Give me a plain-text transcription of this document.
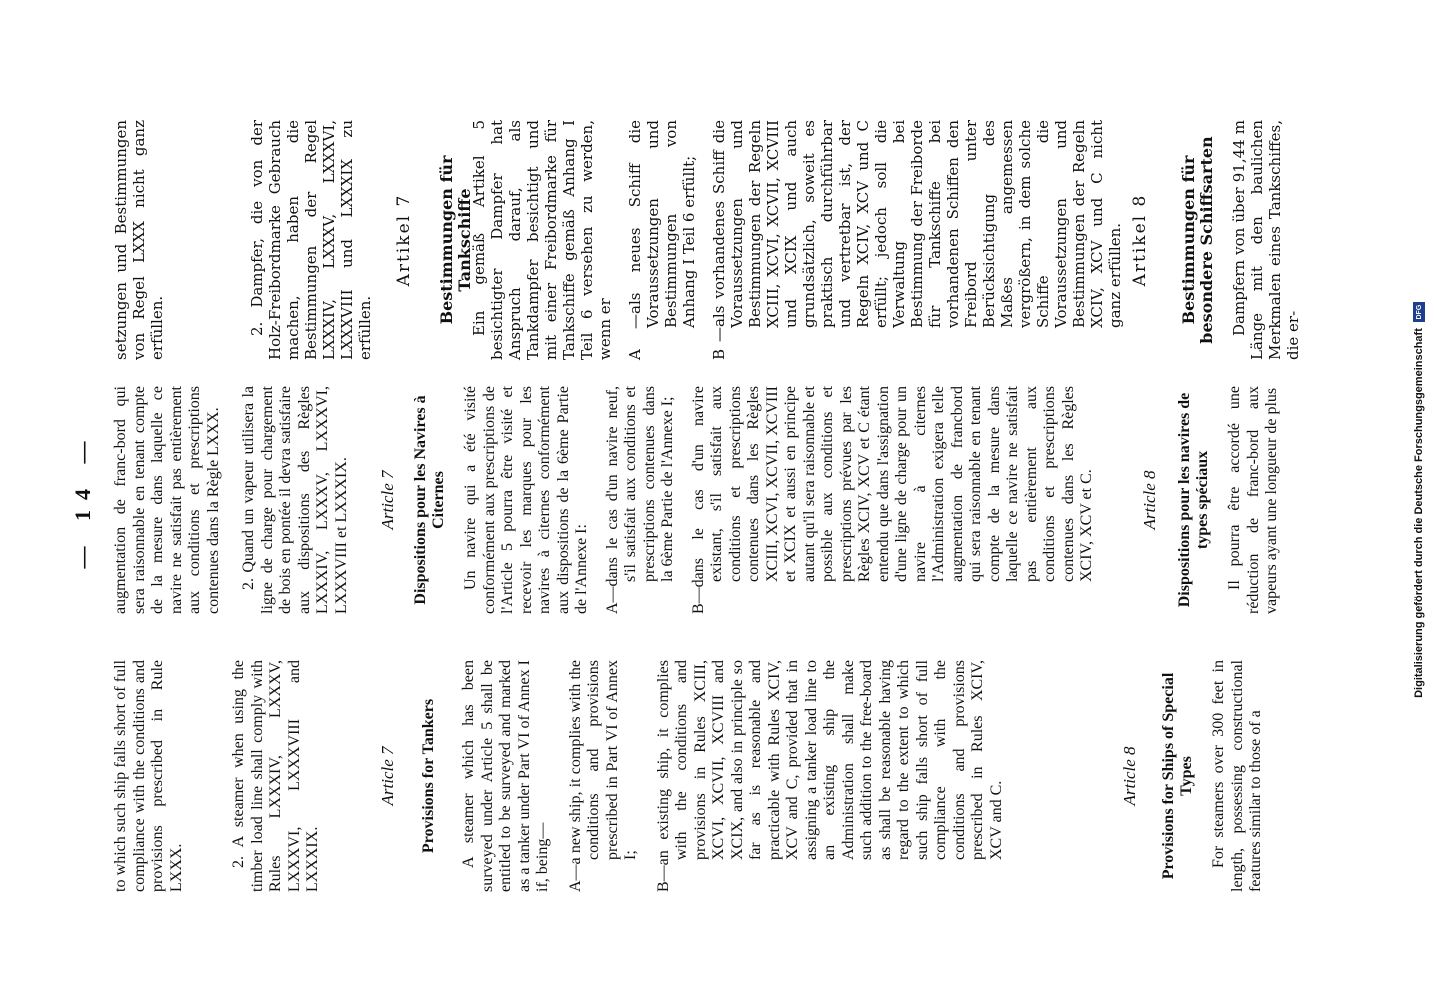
— 14 —

to which such ship falls short of full compliance with the conditions and provisions prescribed in Rule LXXX.	2. A steamer when using the timber load line shall comply with Rules LXXXIV, LXXXV, LXXXVI, LXXXVIII and LXXXIX.

Article 7 Provisions for Tankers A steamer which has been surveyed under Article 5 shall be entitled to be surveyed and marked as a tanker under Part VI of Annex I if, being— A—a new ship, it complies with the conditions and provisions prescribed in Part VI of Annex I;

B—an existing ship, it complies with the conditions and provisions in Rules XCIII, XCVI, XCVII, XCVIII and XCIX, and also in principle so far as is reasonable and practicable with Rules XCIV, XCV and C, provided that in assigning a tanker load line to an existing ship the Administration shall make such addition to the free-board as shall be reasonable having regard to the extent to which such ship falls short of full compliance with the conditions and provisions prescribed in Rules XCIV, XCV and C.

Article 8 Provisions for Ships of Special Types For steamers over 300 feet in length, possessing constructional features similar to those of a

augmentation de franc-bord qui sera raisonnable en tenant compte de la mesure dans laquelle ce navire ne satisfait pas entièrement aux conditions et prescriptions contenues dans la Règle LXXX. 2. Quand un vapeur utilisera la ligne de charge pour chargement de bois en pontée il devra satisfaire aux dispositions des Règles LXXXIV, LXXXV, LXXXVI, LXXXVIII et LXXXIX. Article 7 Dispositions pour les Navires à Citernes Un navire qui a été visité conformément aux prescriptions de l'Article 5 pourra être visité et recevoir les marques pour les navires à citernes conformément aux dispositions de la 6ème Partie de l'Annexe I: A—dans le cas d'un navire neuf, s'il satisfait aux conditions et prescriptions contenues dans la 6ème Partie de l'Annexe I;

B—dans le cas d'un navire existant, s'il satisfait aux conditions et prescriptions contenues dans les Règles XCIII, XCVI, XCVII, XCVIII et XCIX et aussi en principe autant qu'il sera raisonnable et possible aux conditions et prescriptions prévues par les Règles XCIV, XCV et C étant entendu que dans l'assignation d'une ligne de charge pour un navire à citernes l'Administration exigera telle augmentation de francbord qui sera raisonnable en tenant compte de la mesure dans laquelle ce navire ne satisfait pas entièrement aux conditions et prescriptions contenues dans les Règles XCIV, XCV et C.	Article 8 Dispositions pour les navires de types spéciaux Il pourra être accordé une réduction de franc-bord aux vapeurs ayant une longueur de plus

setzungen und Bestimmungen von Regel LXXX nicht ganz erfüllen.	2. Dampfer, die von der Holz-Freibordmarke Gebrauch machen, haben die Bestimmungen der Regel LXXXIV, LXXXV, LXXXVI, LXXXVIII und LXXXIX zu erfüllen.

Artikel 7 Bestimmungen für Tankschiffe

Ein gemäß Artikel 5 besichtigter Dampfer hat Anspruch darauf, als Tankdampfer besichtigt und mit einer Freibordmarke für Tankschiffe gemäß Anhang I Teil 6 versehen zu werden, wenn er A —als neues Schiff die Voraussetzungen und Bestimmungen von Anhang I Teil 6 erfüllt;

B —als vorhandenes Schiff die Voraussetzungen und Bestimmungen der Regeln XCIII, XCVI, XCVII, XCVIII und XCIX und auch grundsätzlich, soweit es praktisch durchführbar und vertretbar ist, der Regeln XCIV, XCV und C erfüllt; jedoch soll die Verwaltung bei Bestimmung der Freiborde für Tankschiffe bei vorhandenen Schiffen den Freibord unter Berücksichtigung des Maßes angemessen vergrößern, in dem solche Schiffe die Voraussetzungen und Bestimmungen der Regeln XCIV, XCV und C nicht ganz erfüllen. Artikel 8 Bestimmungen für besondere Schiffsarten Dampfern von über 91,44 m Länge mit den baulichen Merkmalen eines Tankschiffes, die er-	Digitalisierung gefördert durch die Deutsche Forschungsgemeinschaft
DFG
